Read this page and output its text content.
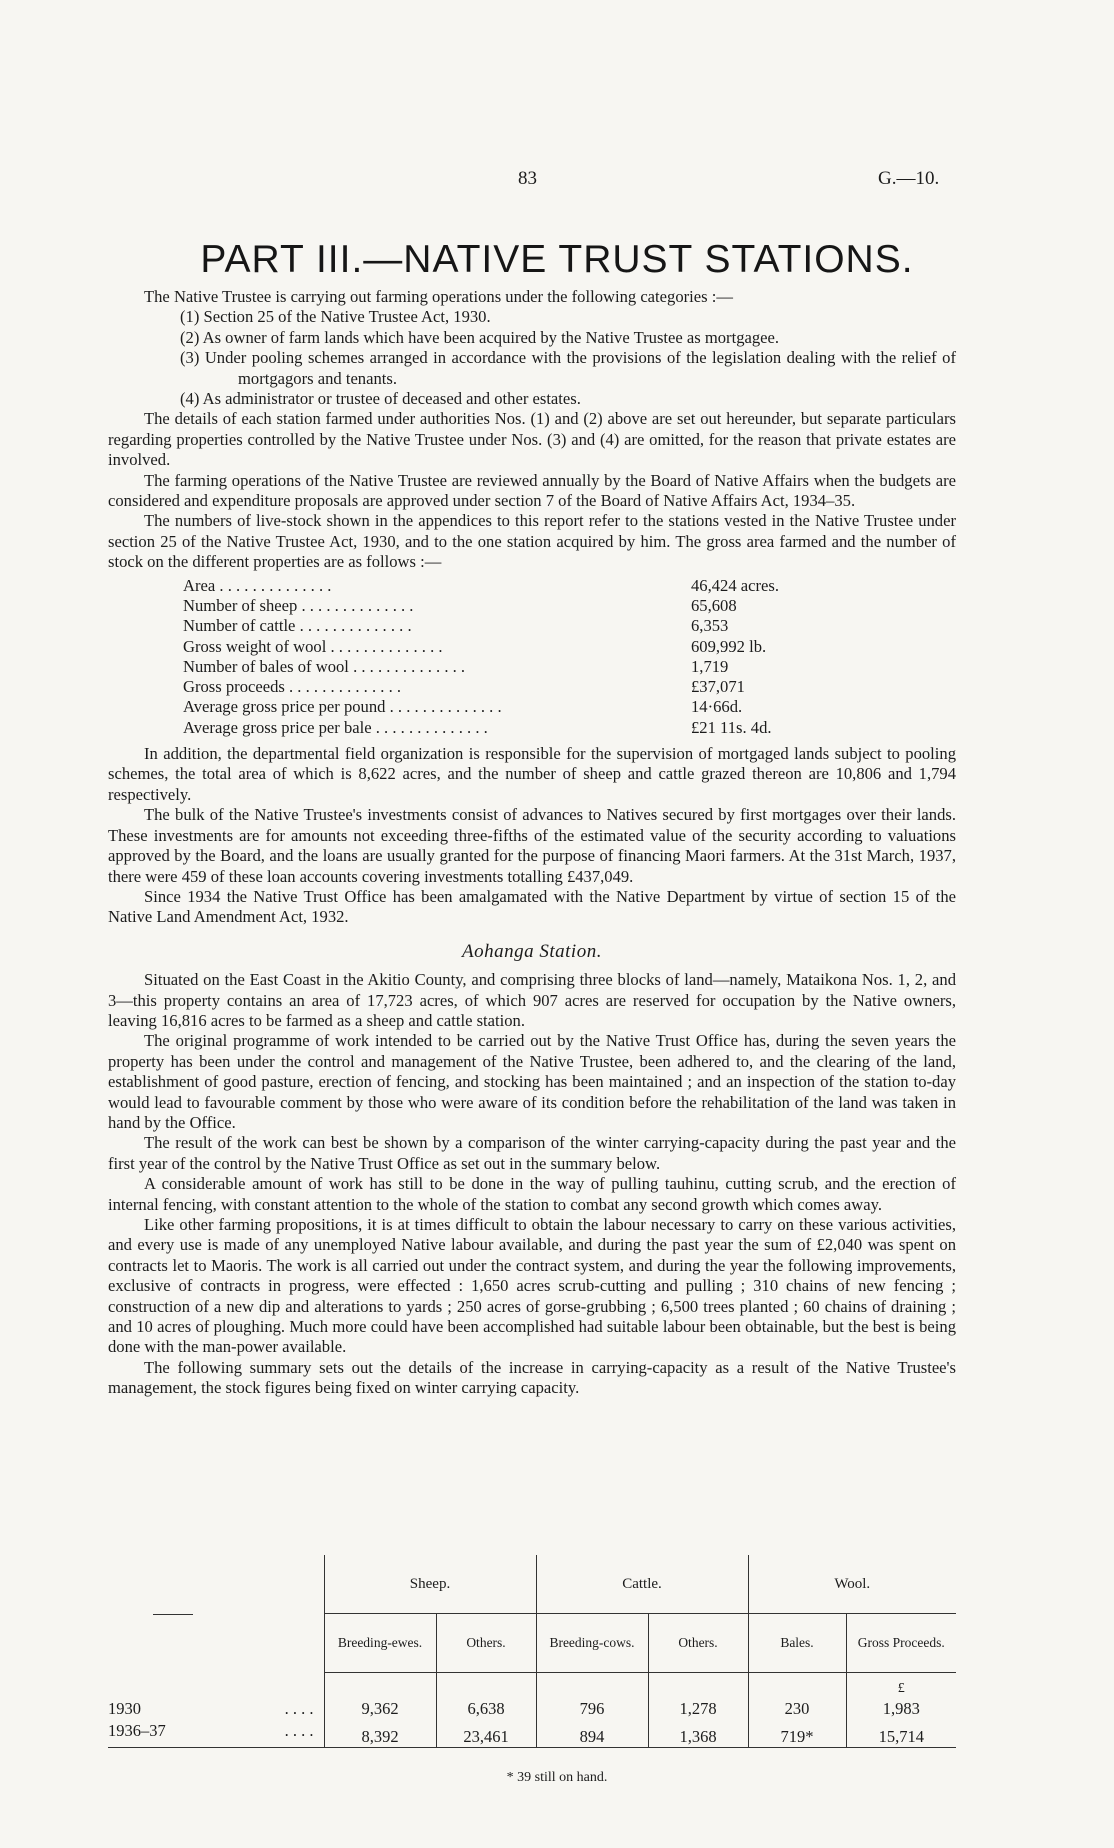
83	G.—10.
PART III.—NATIVE TRUST STATIONS.

The Native Trustee is carrying out farming operations under the following categories :—

(1) Section 25 of the Native Trustee Act, 1930.

(2) As owner of farm lands which have been acquired by the Native Trustee as mortgagee.

(3) Under pooling schemes arranged in accordance with the provisions of the legislation dealing with the relief of mortgagors and tenants.

(4) As administrator or trustee of deceased and other estates.

The details of each station farmed under authorities Nos. (1) and (2) above are set out hereunder, but separate particulars regarding properties controlled by the Native Trustee under Nos. (3) and (4) are omitted, for the reason that private estates are involved.

The farming operations of the Native Trustee are reviewed annually by the Board of Native Affairs when the budgets are considered and expenditure proposals are approved under section 7 of the Board of Native Affairs Act, 1934–35.

The numbers of live-stock shown in the appendices to this report refer to the stations vested in the Native Trustee under section 25 of the Native Trustee Act, 1930, and to the one station acquired by him. The gross area farmed and the number of stock on the different properties are as follows :—

Area . . . . . . . . . . . . . .	46,424 acres.
Number of sheep . . . . . . . . . . . . . .	65,608
Number of cattle . . . . . . . . . . . . . .	6,353
Gross weight of wool . . . . . . . . . . . . . .	609,992 lb.
Number of bales of wool . . . . . . . . . . . . . .	1,719
Gross proceeds . . . . . . . . . . . . . .	£37,071
Average gross price per pound . . . . . . . . . . . . . .	14·66d.
Average gross price per bale . . . . . . . . . . . . . .	£21 11s. 4d.

In addition, the departmental field organization is responsible for the supervision of mortgaged lands subject to pooling schemes, the total area of which is 8,622 acres, and the number of sheep and cattle grazed thereon are 10,806 and 1,794 respectively.

The bulk of the Native Trustee's investments consist of advances to Natives secured by first mortgages over their lands. These investments are for amounts not exceeding three-fifths of the estimated value of the security according to valuations approved by the Board, and the loans are usually granted for the purpose of financing Maori farmers. At the 31st March, 1937, there were 459 of these loan accounts covering investments totalling £437,049.

Since 1934 the Native Trust Office has been amalgamated with the Native Department by virtue of section 15 of the Native Land Amendment Act, 1932.

Aohanga Station.

Situated on the East Coast in the Akitio County, and comprising three blocks of land—namely, Mataikona Nos. 1, 2, and 3—this property contains an area of 17,723 acres, of which 907 acres are reserved for occupation by the Native owners, leaving 16,816 acres to be farmed as a sheep and cattle station.

The original programme of work intended to be carried out by the Native Trust Office has, during the seven years the property has been under the control and management of the Native Trustee, been adhered to, and the clearing of the land, establishment of good pasture, erection of fencing, and stocking has been maintained ; and an inspection of the station to-day would lead to favourable comment by those who were aware of its condition before the rehabilitation of the land was taken in hand by the Office.

The result of the work can best be shown by a comparison of the winter carrying-capacity during the past year and the first year of the control by the Native Trust Office as set out in the summary below.

A considerable amount of work has still to be done in the way of pulling tauhinu, cutting scrub, and the erection of internal fencing, with constant attention to the whole of the station to combat any second growth which comes away.

Like other farming propositions, it is at times difficult to obtain the labour necessary to carry on these various activities, and every use is made of any unemployed Native labour available, and during the past year the sum of £2,040 was spent on contracts let to Maoris. The work is all carried out under the contract system, and during the year the following improvements, exclusive of contracts in progress, were effected : 1,650 acres scrub-cutting and pulling ; 310 chains of new fencing ; construction of a new dip and alterations to yards ; 250 acres of gorse-grubbing ; 6,500 trees planted ; 60 chains of draining ; and 10 acres of ploughing. Much more could have been accomplished had suitable labour been obtainable, but the best is being done with the man-power available.

The following summary sets out the details of the increase in carrying-capacity as a result of the Native Trustee's management, the stock figures being fixed on winter carrying capacity.

	Sheep.		Cattle.		Wool.	
	Breeding-ewes.	Others.	Breeding-cows.	Others.	Bales.	Gross Proceeds.
						£
1930 . . . .	9,362	6,638	796	1,278	230	1,983
1936–37 . . . .	8,392	23,461	894	1,368	719*	15,714

* 39 still on hand.
